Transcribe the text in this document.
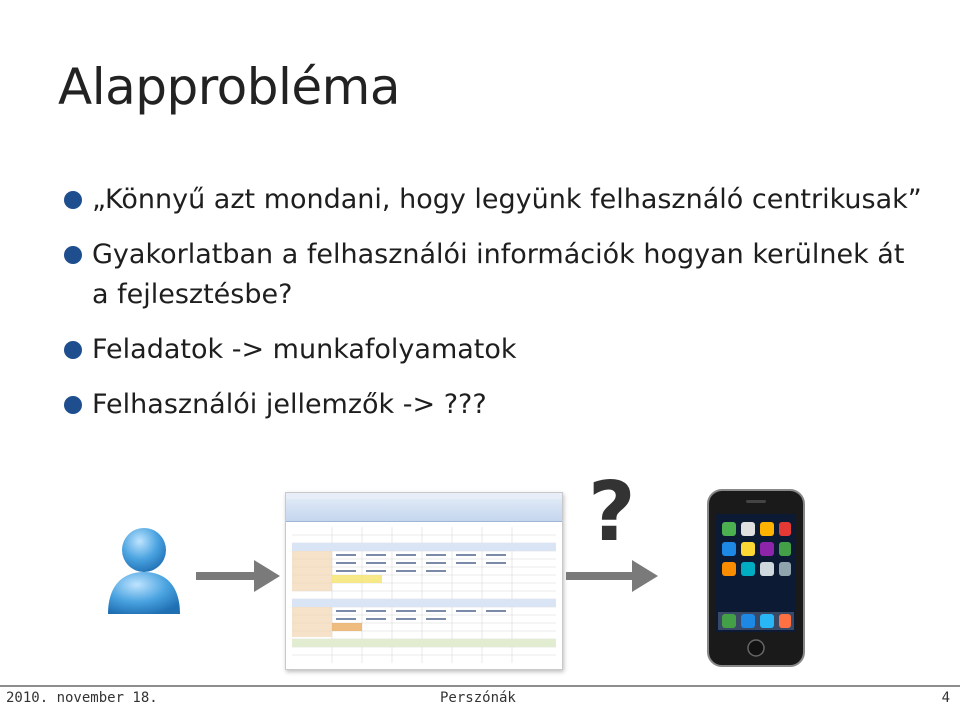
Alapprobléma
„Könnyű azt mondani, hogy legyünk felhasználó centrikusak”
Gyakorlatban a felhasználói információk hogyan kerülnek át a fejlesztésbe?
Feladatok -> munkafolyamatok
Felhasználói jellemzők -> ???
?
2010. november 18.	Perszónák	4
